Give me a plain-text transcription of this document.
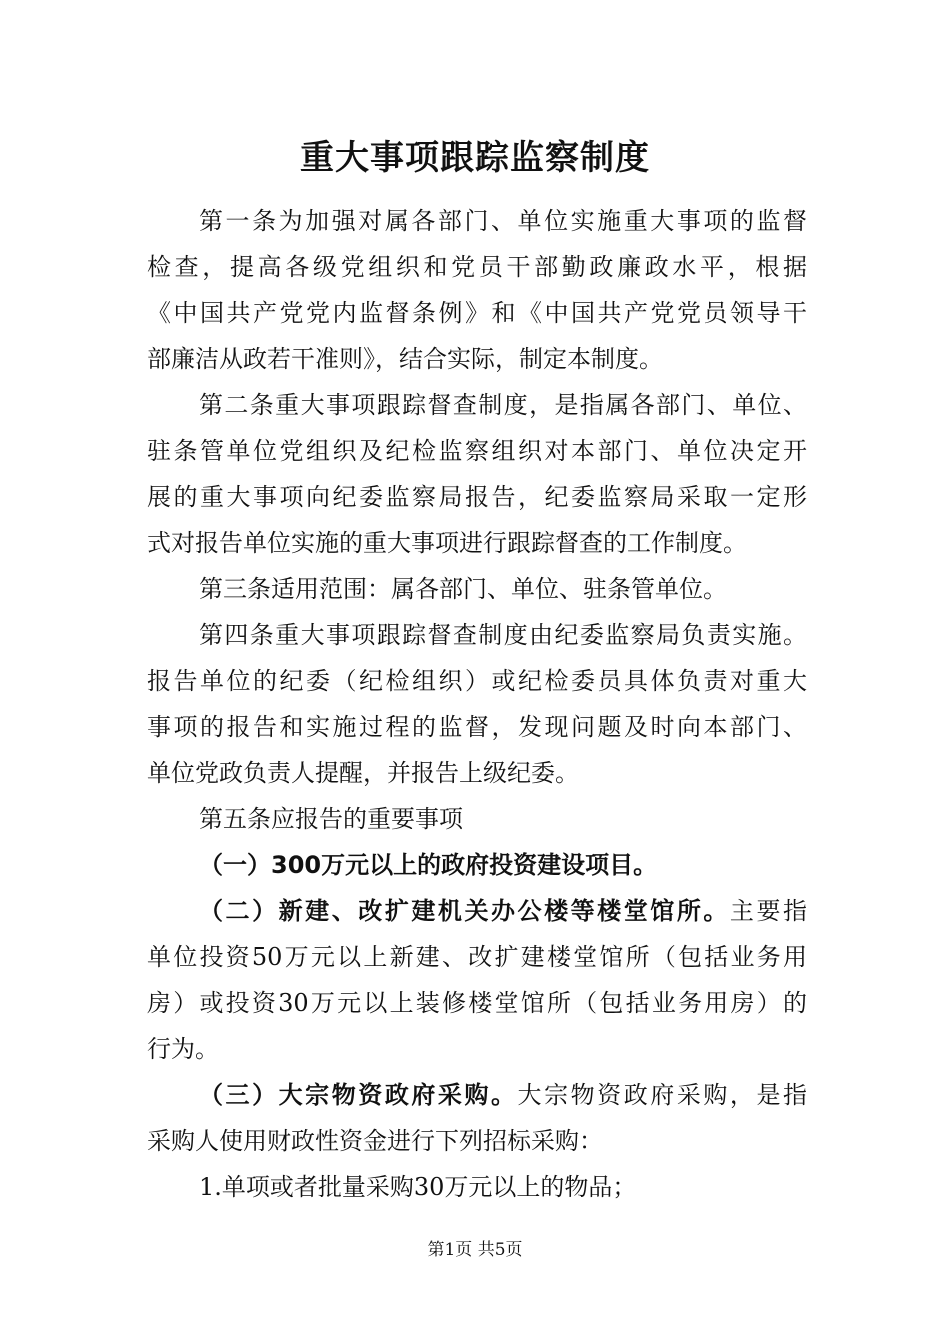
重大事项跟踪监察制度
第一条为加强对属各部门、单位实施重大事项的监督
检查，提高各级党组织和党员干部勤政廉政水平，根据
《中国共产党党内监督条例》和《中国共产党党员领导干
部廉洁从政若干准则》，结合实际，制定本制度。
第二条重大事项跟踪督查制度，是指属各部门、单位、
驻条管单位党组织及纪检监察组织对本部门、单位决定开
展的重大事项向纪委监察局报告，纪委监察局采取一定形
式对报告单位实施的重大事项进行跟踪督查的工作制度。
第三条适用范围：属各部门、单位、驻条管单位。
第四条重大事项跟踪督查制度由纪委监察局负责实施。
报告单位的纪委（纪检组织）或纪检委员具体负责对重大
事项的报告和实施过程的监督，发现问题及时向本部门、
单位党政负责人提醒，并报告上级纪委。
第五条应报告的重要事项
（一）300万元以上的政府投资建设项目。
（二）新建、改扩建机关办公楼等楼堂馆所。主要指
单位投资50万元以上新建、改扩建楼堂馆所（包括业务用
房）或投资30万元以上装修楼堂馆所（包括业务用房）的
行为。
（三）大宗物资政府采购。大宗物资政府采购，是指
采购人使用财政性资金进行下列招标采购：
1.单项或者批量采购30万元以上的物品；
第1页 共5页
